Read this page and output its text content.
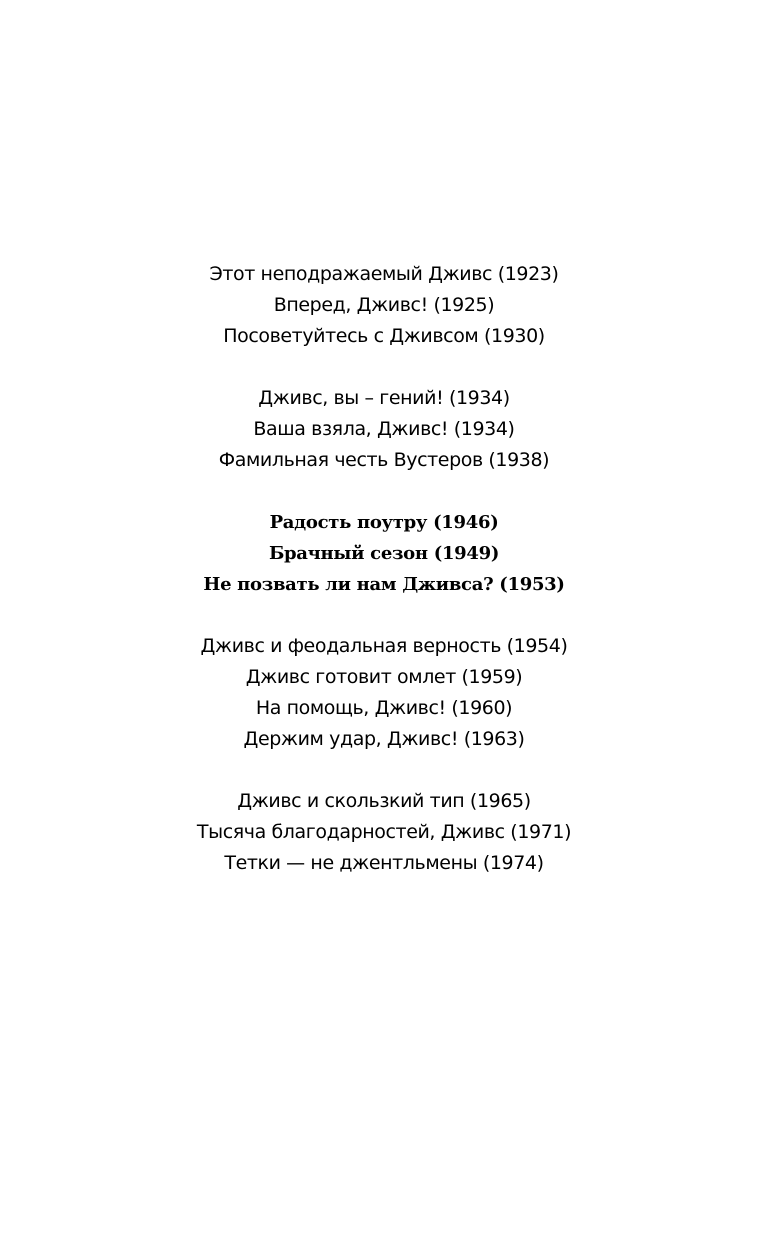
Этот неподражаемый Дживс (1923)
Вперед, Дживс! (1925)
Посоветуйтесь с Дживсом (1930)
Дживс, вы – гений! (1934)
Ваша взяла, Дживс! (1934)
Фамильная честь Вустеров (1938)
Радость поутру (1946)
Брачный сезон (1949)
Не позвать ли нам Дживса? (1953)
Дживс и феодальная верность (1954)
Дживс готовит омлет (1959)
На помощь, Дживс! (1960)
Держим удар, Дживс! (1963)
Дживс и скользкий тип (1965)
Тысяча благодарностей, Дживс (1971)
Тетки — не джентльмены (1974)
